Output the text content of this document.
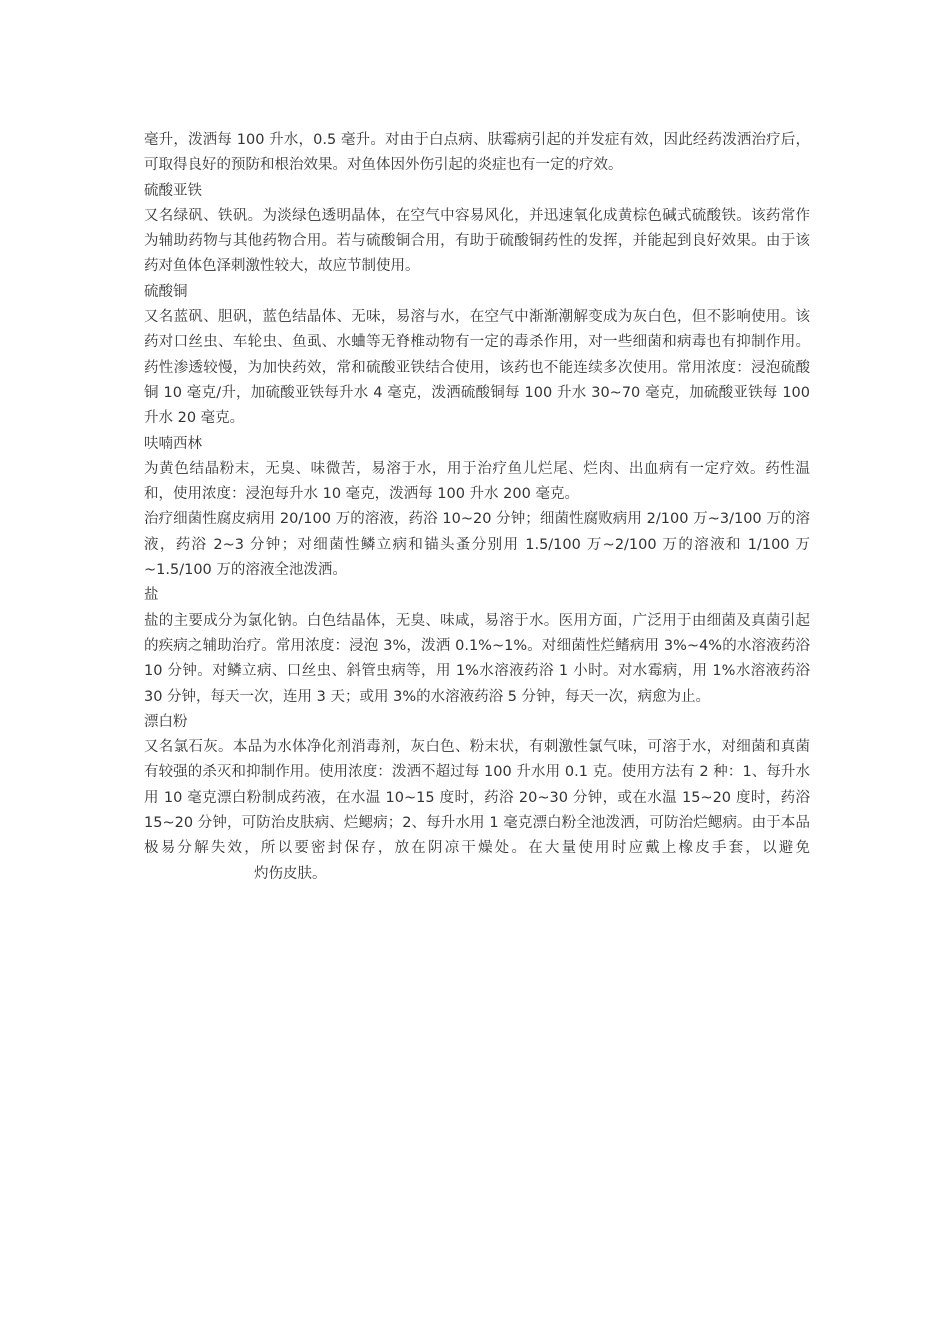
毫升，泼洒每 100 升水，0.5 毫升。对由于白点病、肤霉病引起的并发症有效，因此经药泼洒治疗后，可取得良好的预防和根治效果。对鱼体因外伤引起的炎症也有一定的疗效。

硫酸亚铁

又名绿矾、铁矾。为淡绿色透明晶体，在空气中容易风化，并迅速氧化成黄棕色碱式硫酸铁。该药常作为辅助药物与其他药物合用。若与硫酸铜合用，有助于硫酸铜药性的发挥，并能起到良好效果。由于该药对鱼体色泽刺激性较大，故应节制使用。

硫酸铜

又名蓝矾、胆矾，蓝色结晶体、无味，易溶与水，在空气中渐渐潮解变成为灰白色，但不影响使用。该药对口丝虫、车轮虫、鱼虱、水蛐等无脊椎动物有一定的毒杀作用，对一些细菌和病毒也有抑制作用。药性渗透较慢，为加快药效，常和硫酸亚铁结合使用，该药也不能连续多次使用。常用浓度：浸泡硫酸铜 10 毫克/升，加硫酸亚铁每升水 4 毫克，泼洒硫酸铜每 100 升水 30~70 毫克，加硫酸亚铁每 100 升水 20 毫克。

呋喃西林

为黄色结晶粉末，无臭、味微苦，易溶于水，用于治疗鱼儿烂尾、烂肉、出血病有一定疗效。药性温和，使用浓度：浸泡每升水 10 毫克，泼洒每 100 升水 200 毫克。

治疗细菌性腐皮病用 20/100 万的溶液，药浴 10~20 分钟；细菌性腐败病用 2/100 万~3/100 万的溶液，药浴 2~3 分钟；对细菌性鳞立病和锚头蚤分别用 1.5/100 万~2/100 万的溶液和 1/100 万~1.5/100 万的溶液全池泼洒。

盐

盐的主要成分为氯化钠。白色结晶体，无臭、味咸，易溶于水。医用方面，广泛用于由细菌及真菌引起的疾病之辅助治疗。常用浓度：浸泡 3%，泼洒 0.1%~1%。对细菌性烂鳍病用 3%~4%的水溶液药浴 10 分钟。对鳞立病、口丝虫、斜管虫病等，用 1%水溶液药浴 1 小时。对水霉病，用 1%水溶液药浴 30 分钟，每天一次，连用 3 天；或用 3%的水溶液药浴 5 分钟，每天一次，病愈为止。

漂白粉

又名氯石灰。本品为水体净化剂消毒剂，灰白色、粉末状，有刺激性氯气味，可溶于水，对细菌和真菌有较强的杀灭和抑制作用。使用浓度：泼洒不超过每 100 升水用 0.1 克。使用方法有 2 种：1、每升水用 10 毫克漂白粉制成药液，在水温 10~15 度时，药浴 20~30 分钟，或在水温 15~20 度时，药浴 15~20 分钟，可防治皮肤病、烂鳃病；2、每升水用 1 毫克漂白粉全池泼洒，可防治烂鳃病。由于本品极易分解失效，所以要密封保存，放在阴凉干燥处。在大量使用时应戴上橡皮手套，以避免灼伤皮肤。
